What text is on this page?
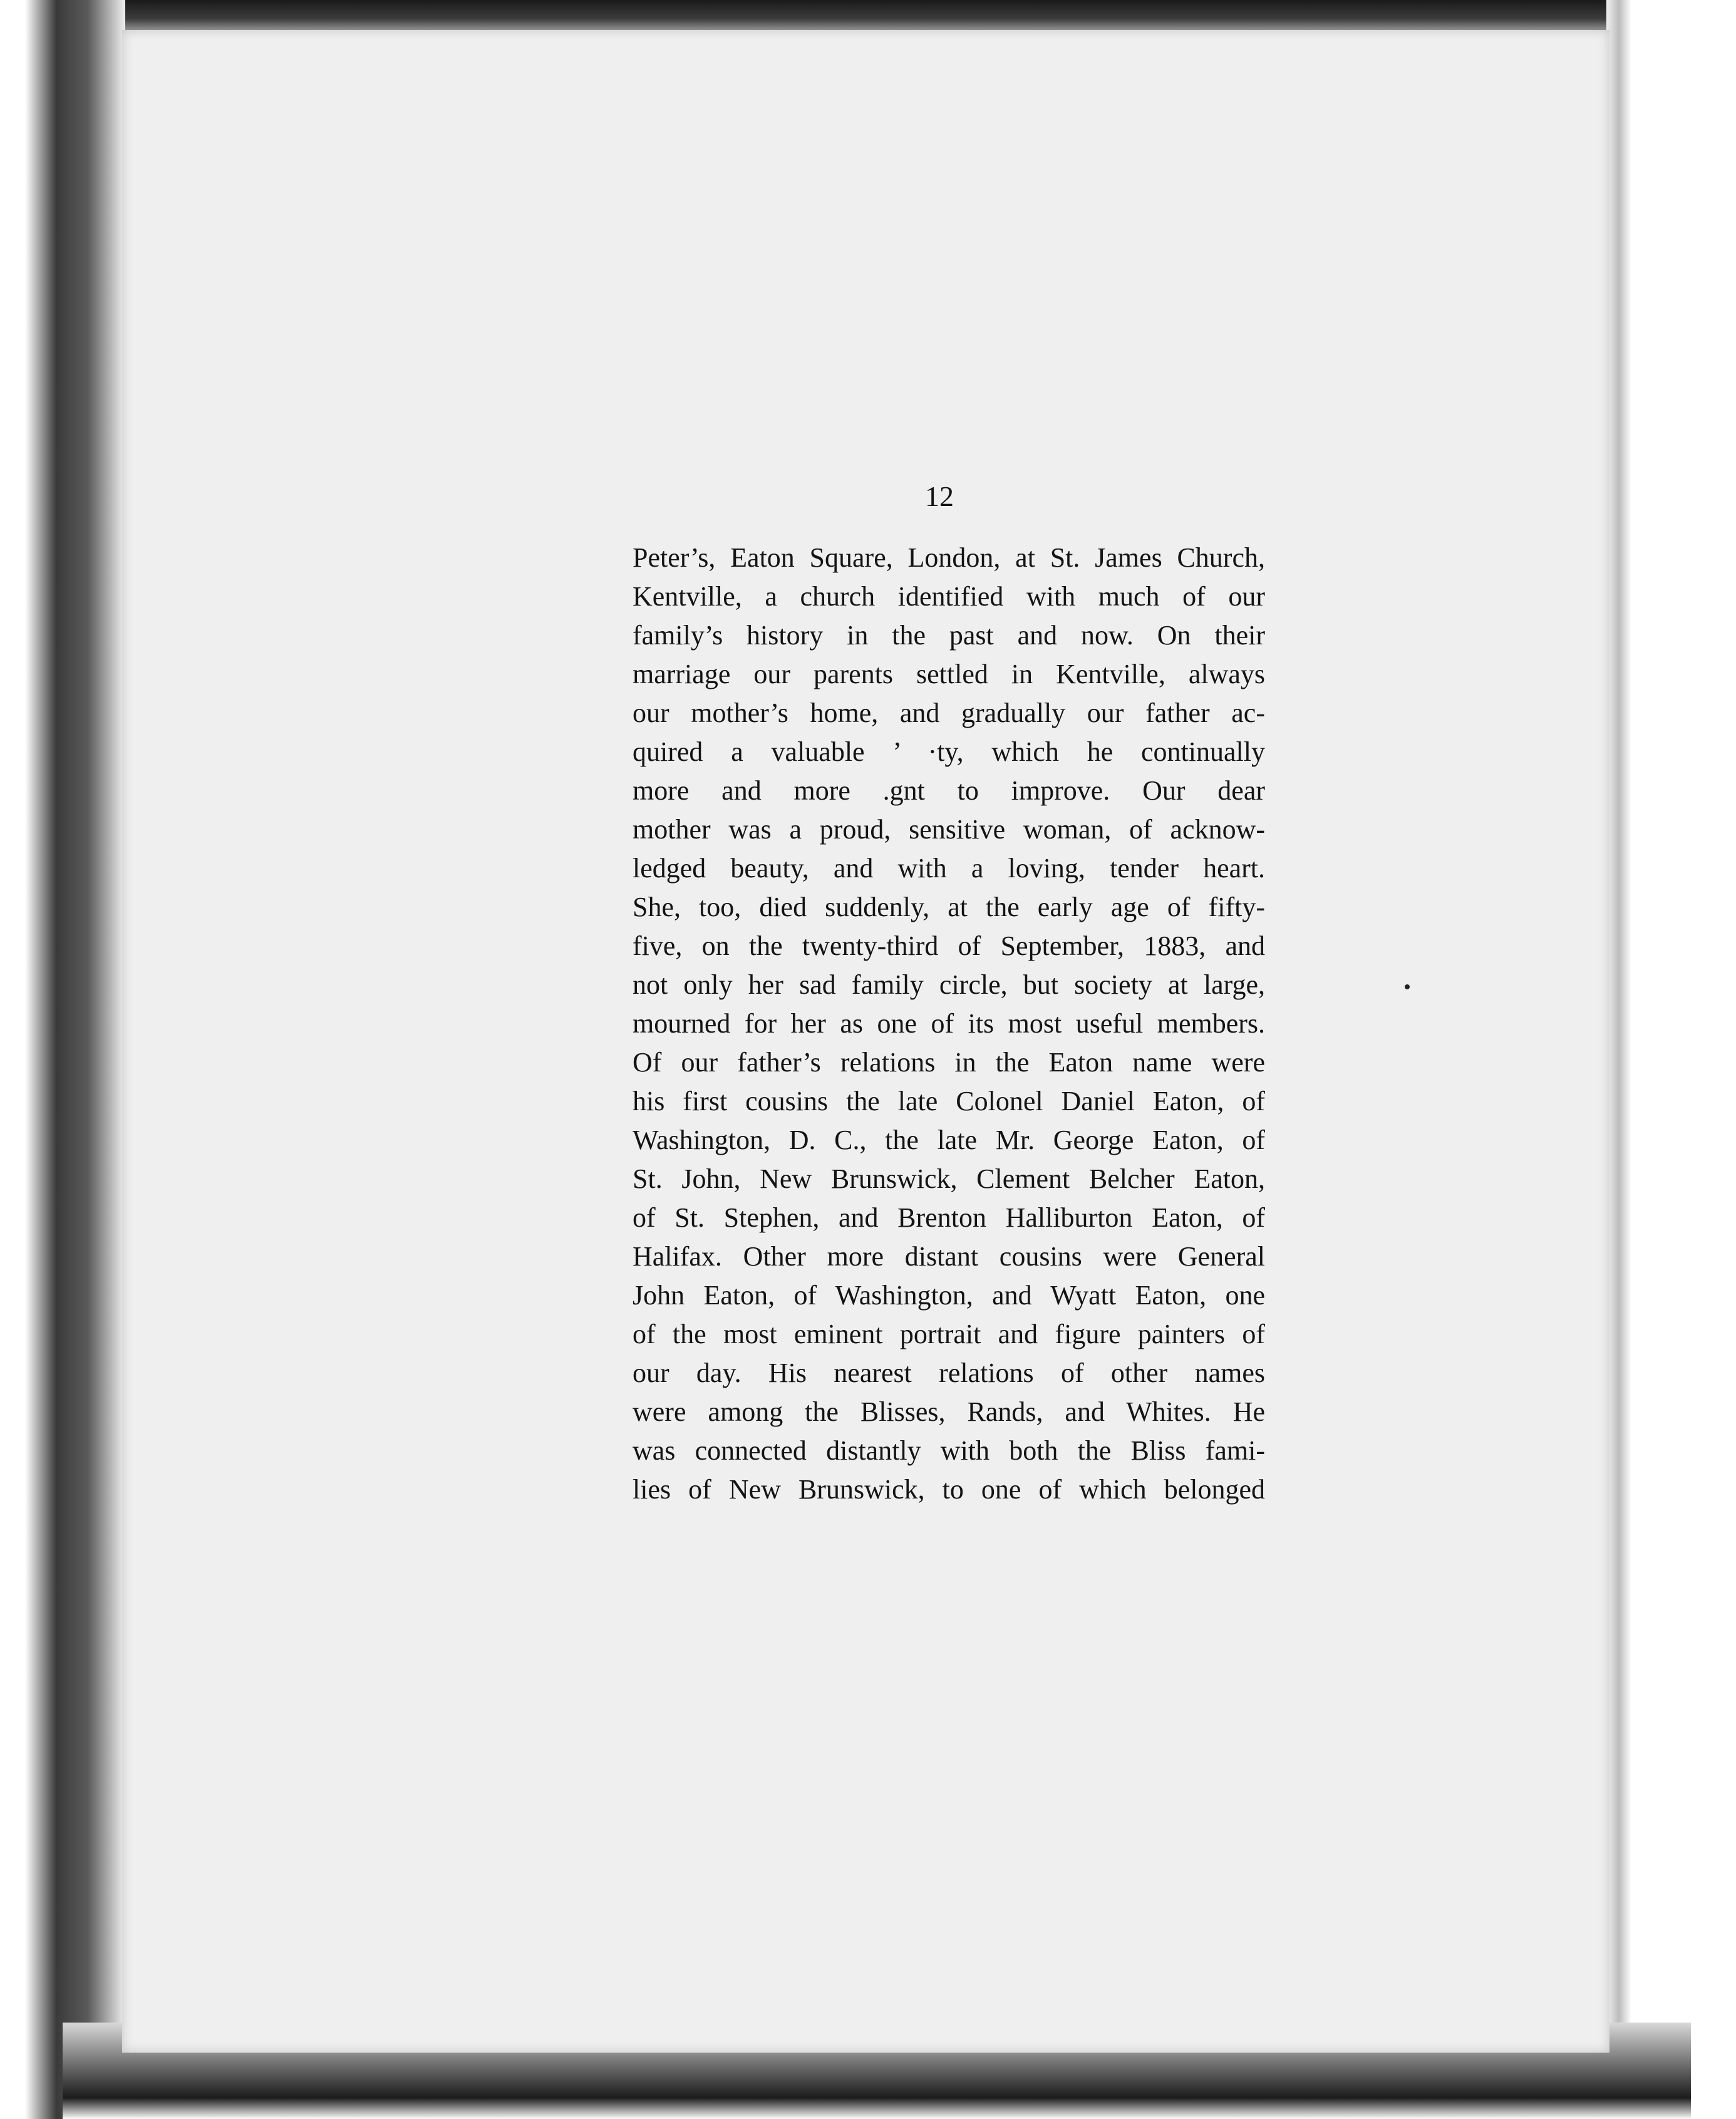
12
Peter’s, Eaton Square, London, at St. James Church,
Kentville, a church identified with much of our
family’s history in the past and now. On their
marriage our parents settled in Kentville, always
our mother’s home, and gradually our father ac-
quired a valuable ’ ·ty, which he continually
more and more .gnt to improve. Our dear
mother was a proud, sensitive woman, of acknow-
ledged beauty, and with a loving, tender heart.
She, too, died suddenly, at the early age of fifty-
five, on the twenty-third of September, 1883, and
not only her sad family circle, but society at large,
mourned for her as one of its most useful members.
Of our father’s relations in the Eaton name were
his first cousins the late Colonel Daniel Eaton, of
Washington, D. C., the late Mr. George Eaton, of
St. John, New Brunswick, Clement Belcher Eaton,
of St. Stephen, and Brenton Halliburton Eaton, of
Halifax. Other more distant cousins were General
John Eaton, of Washington, and Wyatt Eaton, one
of the most eminent portrait and figure painters of
our day. His nearest relations of other names
were among the Blisses, Rands, and Whites. He
was connected distantly with both the Bliss fami-
lies of New Brunswick, to one of which belonged
